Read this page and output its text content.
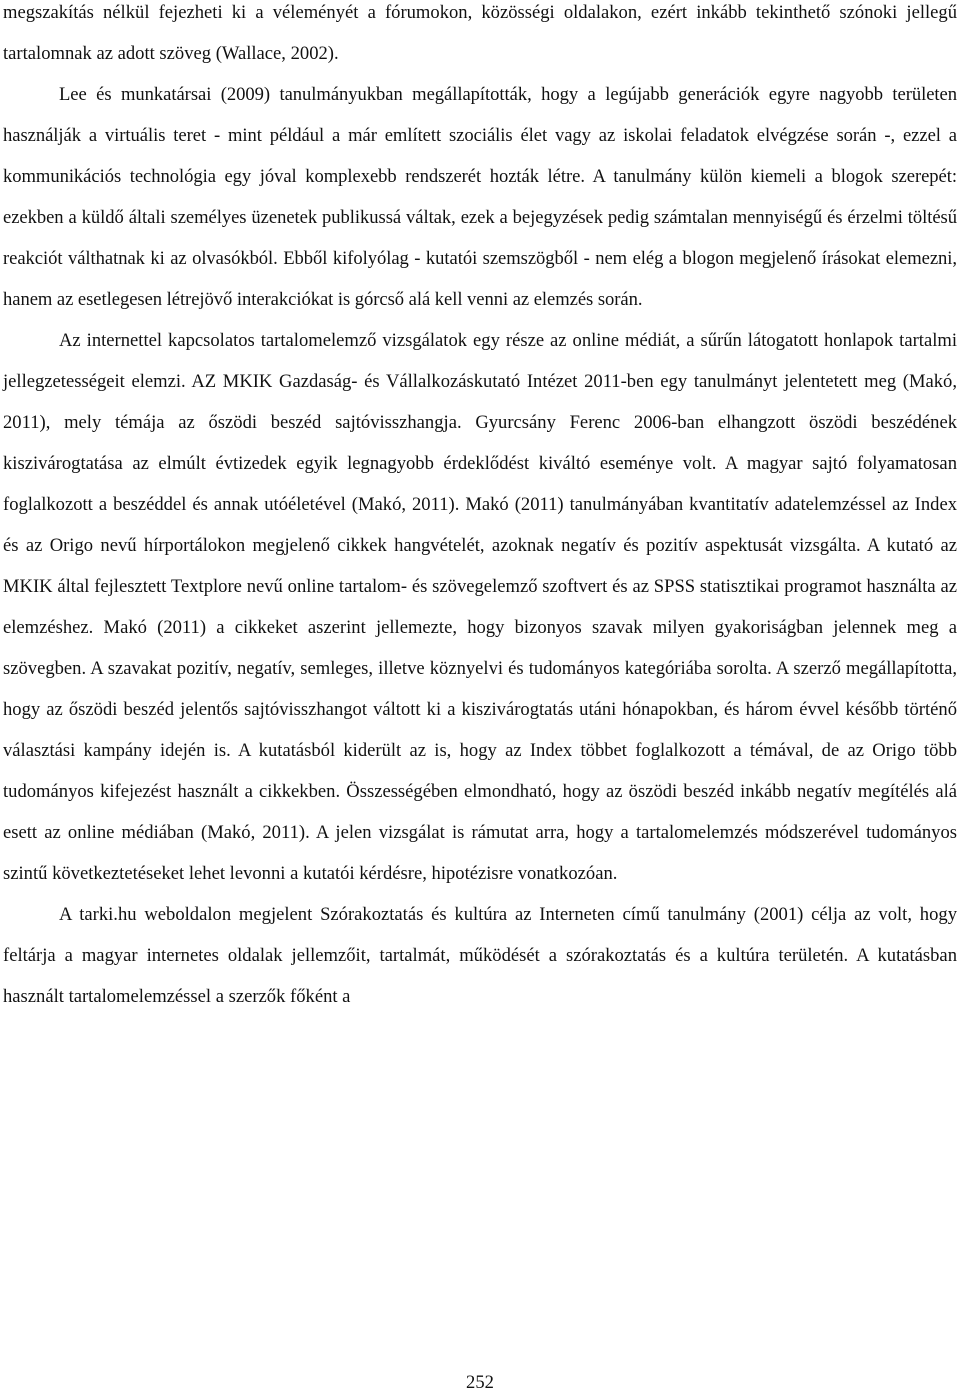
megszakítás nélkül fejezheti ki a véleményét a fórumokon, közösségi oldalakon, ezért inkább tekinthető szónoki jellegű tartalomnak az adott szöveg (Wallace, 2002).

Lee és munkatársai (2009) tanulmányukban megállapították, hogy a legújabb generációk egyre nagyobb területen használják a virtuális teret - mint például a már említett szociális élet vagy az iskolai feladatok elvégzése során -, ezzel a kommunikációs technológia egy jóval komplexebb rendszerét hozták létre. A tanulmány külön kiemeli a blogok szerepét: ezekben a küldő általi személyes üzenetek publikussá váltak, ezek a bejegyzések pedig számtalan mennyiségű és érzelmi töltésű reakciót válthatnak ki az olvasókból. Ebből kifolyólag - kutatói szemszögből - nem elég a blogon megjelenő írásokat elemezni, hanem az esetlegesen létrejövő interakciókat is górcső alá kell venni az elemzés során.

Az internettel kapcsolatos tartalomelemző vizsgálatok egy része az online médiát, a sűrűn látogatott honlapok tartalmi jellegzetességeit elemzi. AZ MKIK Gazdaság- és Vállalkozáskutató Intézet 2011-ben egy tanulmányt jelentetett meg (Makó, 2011), mely témája az őszödi beszéd sajtóvisszhangja. Gyurcsány Ferenc 2006-ban elhangzott öszödi beszédének kiszivárogtatása az elmúlt évtizedek egyik legnagyobb érdeklődést kiváltó eseménye volt. A magyar sajtó folyamatosan foglalkozott a beszéddel és annak utóéletével (Makó, 2011). Makó (2011) tanulmányában kvantitatív adatelemzéssel az Index és az Origo nevű hírportálokon megjelenő cikkek hangvételét, azoknak negatív és pozitív aspektusát vizsgálta. A kutató az MKIK által fejlesztett Textplore nevű online tartalom- és szövegelemző szoftvert és az SPSS statisztikai programot használta az elemzéshez. Makó (2011) a cikkeket aszerint jellemezte, hogy bizonyos szavak milyen gyakoriságban jelennek meg a szövegben. A szavakat pozitív, negatív, semleges, illetve köznyelvi és tudományos kategóriába sorolta. A szerző megállapította, hogy az őszödi beszéd jelentős sajtóvisszhangot váltott ki a kiszivárogtatás utáni hónapokban, és három évvel később történő választási kampány idején is. A kutatásból kiderült az is, hogy az Index többet foglalkozott a témával, de az Origo több tudományos kifejezést használt a cikkekben. Összességében elmondható, hogy az öszödi beszéd inkább negatív megítélés alá esett az online médiában (Makó, 2011). A jelen vizsgálat is rámutat arra, hogy a tartalomelemzés módszerével tudományos szintű következtetéseket lehet levonni a kutatói kérdésre, hipotézisre vonatkozóan.

A tarki.hu weboldalon megjelent Szórakoztatás és kultúra az Interneten című tanulmány (2001) célja az volt, hogy feltárja a magyar internetes oldalak jellemzőit, tartalmát, működését a szórakoztatás és a kultúra területén. A kutatásban használt tartalomelemzéssel a szerzők főként a

252
